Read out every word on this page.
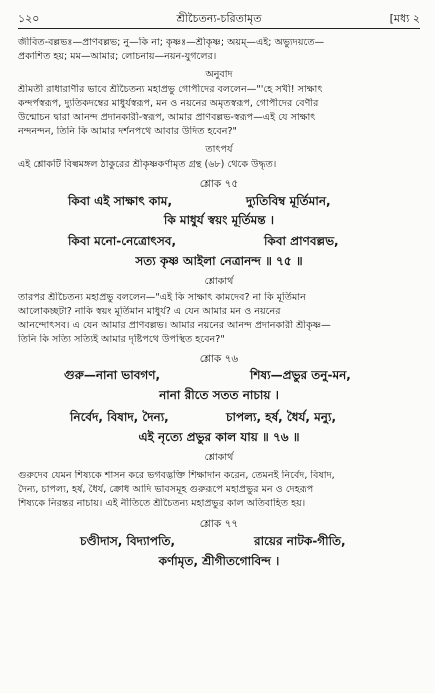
১২০	শ্রীচৈতন্য-চরিতামৃত	[মধ্য ২
জীবিত-বল্লভঃ—প্রাণবল্লভ; নু—কি না; কৃষ্ণঃ—শ্রীকৃষ্ণ; অয়ম্—এই; অভ্যুদয়তে—
প্রকাশিত হয়; মম—আমার; লোচনায়—নয়ন-যুগলের।
অনুবাদ
শ্রীমতী রাধারাণীর ভাবে শ্রীচৈতন্য মহাপ্রভু গোপীদের বললেন—"'হে সখী! সাক্ষাৎ
কন্দর্পস্বরূপ, দ্যুতিকদম্বের মাধুর্যস্বরূপ, মন ও নয়নের অমৃতস্বরূপ, গোপীদের বেণীর
উন্মোচন দ্বারা আনন্দ প্রদানকারী-স্বরূপ, আমার প্রাণবল্লভ-স্বরূপ—এই যে সাক্ষাৎ
নন্দনন্দন, তিনি কি আমার দর্শনপথে আবার উদিত হবেন?"
তাৎপর্য
এই শ্লোকটি বিল্বমঙ্গল ঠাকুরের শ্রীকৃষ্ণকর্ণামৃত গ্রন্থ (৬৮) থেকে উদ্ধৃত।
শ্লোক ৭৫
কিবা এই সাক্ষাৎ কাম,	দ্যুতিবিম্ব মূর্তিমান,
কি মাধুর্য স্বয়ং মূর্তিমন্ত ।
কিবা মনো-নেত্রোৎসব,	কিবা প্রাণবল্লভ,
সত্য কৃষ্ণ আইলা নেত্রানন্দ ॥ ৭৫ ॥
শ্লোকার্থ
তারপর শ্রীচৈতন্য মহাপ্রভু বললেন—"এই কি সাক্ষাৎ কামদেব? না কি মূর্তিমান
আলোকচ্ছটা? নাকি স্বয়ং মূর্তিমান মাধুর্য? এ যেন আমার মন ও নয়নের
আনন্দোৎসব। এ যেন আমার প্রাণবল্লভ। আমার নয়নের আনন্দ প্রদানকারী শ্রীকৃষ্ণ—
তিনি কি সত্যি সত্যিই আমার দৃষ্টিপথে উপস্থিত হবেন?"
শ্লোক ৭৬
গুরু—নানা ভাবগণ,	শিষ্য—প্রভুর তনু-মন,
নানা রীতে সতত নাচায় ।
নির্বেদ, বিষাদ, দৈন্য,	চাপল্য, হর্ষ, ধৈর্য, মন্যু,
এই নৃত্যে প্রভুর কাল যায় ॥ ৭৬ ॥
শ্লোকার্থ
গুরুদেব যেমন শিষ্যকে শাসন করে ভগবদ্ভক্তি শিক্ষাদান করেন, তেমনই নির্বেদ, বিষাদ,
দৈন্য, চাপল্য, হর্ষ, ধৈর্য, ক্রোধ আদি ভাবসমূহ গুরুরূপে মহাপ্রভুর মন ও দেহরূপ
শিষ্যকে নিরন্তর নাচায়। এই নীতিতে শ্রীচৈতন্য মহাপ্রভুর কাল অতিবাহিত হয়।
শ্লোক ৭৭
চণ্ডীদাস, বিদ্যাপতি,	রায়ের নাটক-গীতি,
কর্ণামৃত, শ্রীগীতগোবিন্দ ।
